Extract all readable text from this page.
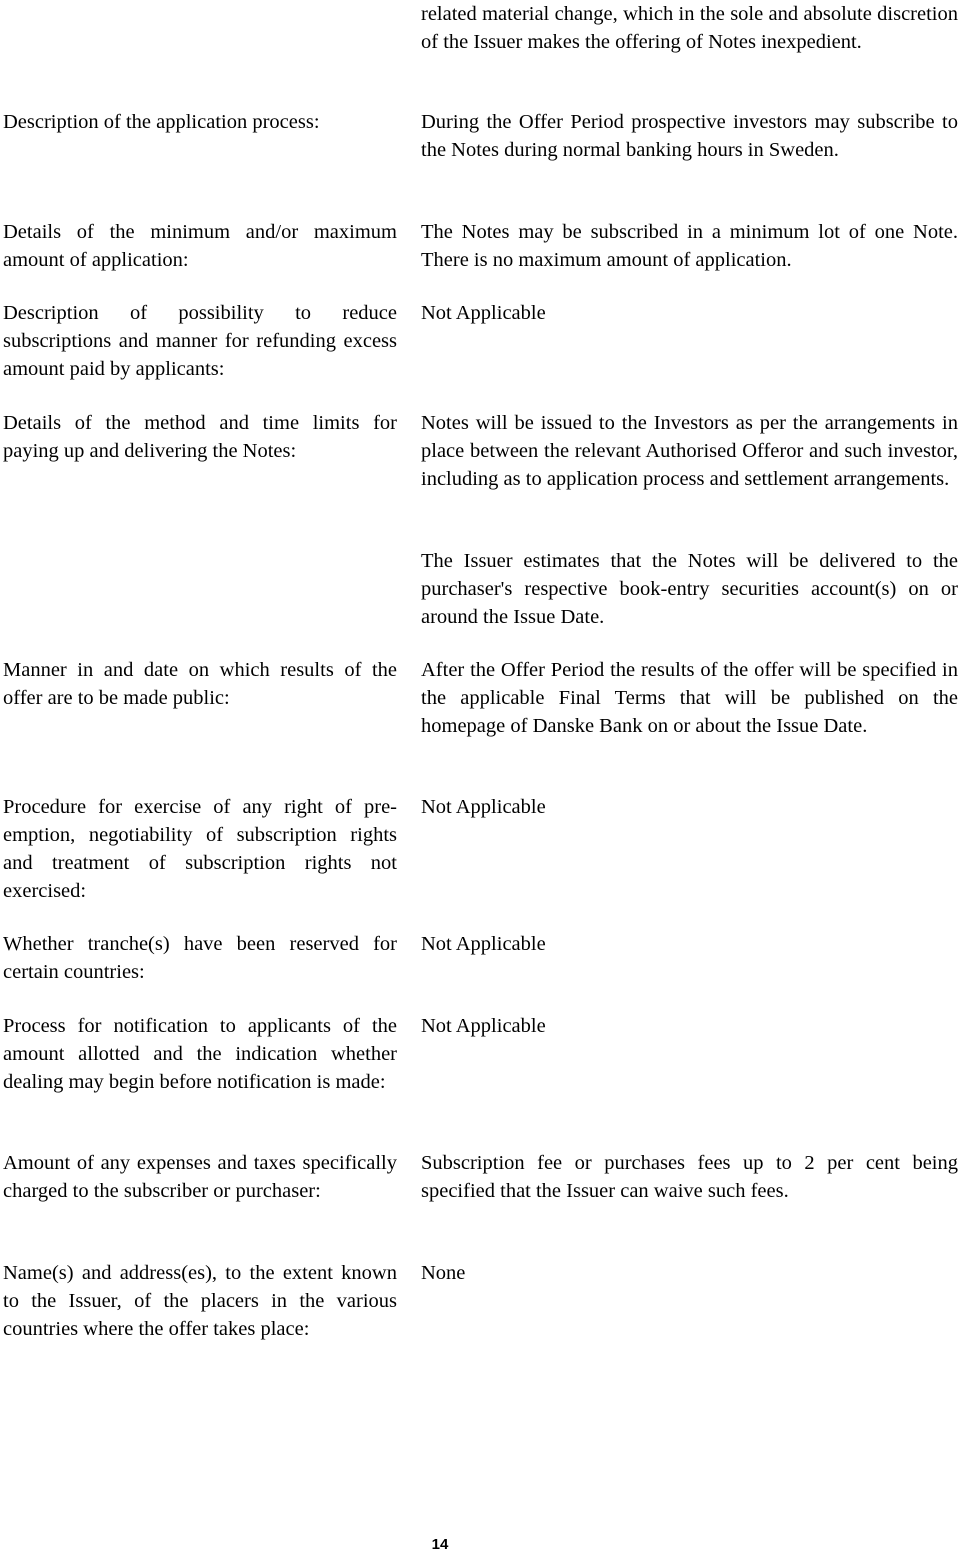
related material change, which in the sole and absolute discretion of the Issuer makes the offering of Notes inexpedient.

Description of the application process:	During the Offer Period prospective investors may subscribe to the Notes during normal banking hours in Sweden.

Details of the minimum and/or maximum amount of application:

The Notes may be subscribed in a minimum lot of one Note. There is no maximum amount of application.

Description of possibility to reduce subscriptions and manner for refunding excess amount paid by applicants:

Not Applicable

Details of the method and time limits for paying up and delivering the Notes:

Notes will be issued to the Investors as per the arrangements in place between the relevant Authorised Offeror and such investor, including as to application process and settlement arrangements.

The Issuer estimates that the Notes will be delivered to the purchaser's respective book-entry securities account(s) on or around the Issue Date.

Manner in and date on which results of the offer are to be made public:

After the Offer Period the results of the offer will be specified in the applicable Final Terms that will be published on the homepage of Danske Bank on or about the Issue Date.

Procedure for exercise of any right of pre-emption, negotiability of subscription rights and treatment of subscription rights not exercised:

Not Applicable

Whether tranche(s) have been reserved for certain countries:

Not Applicable

Process for notification to applicants of the amount allotted and the indication whether dealing may begin before notification is made:

Not Applicable

Amount of any expenses and taxes specifically charged to the subscriber or purchaser:

Subscription fee or purchases fees up to 2 per cent being specified that the Issuer can waive such fees.

Name(s) and address(es), to the extent known to the Issuer, of the placers in the various countries where the offer takes place:

None

14
